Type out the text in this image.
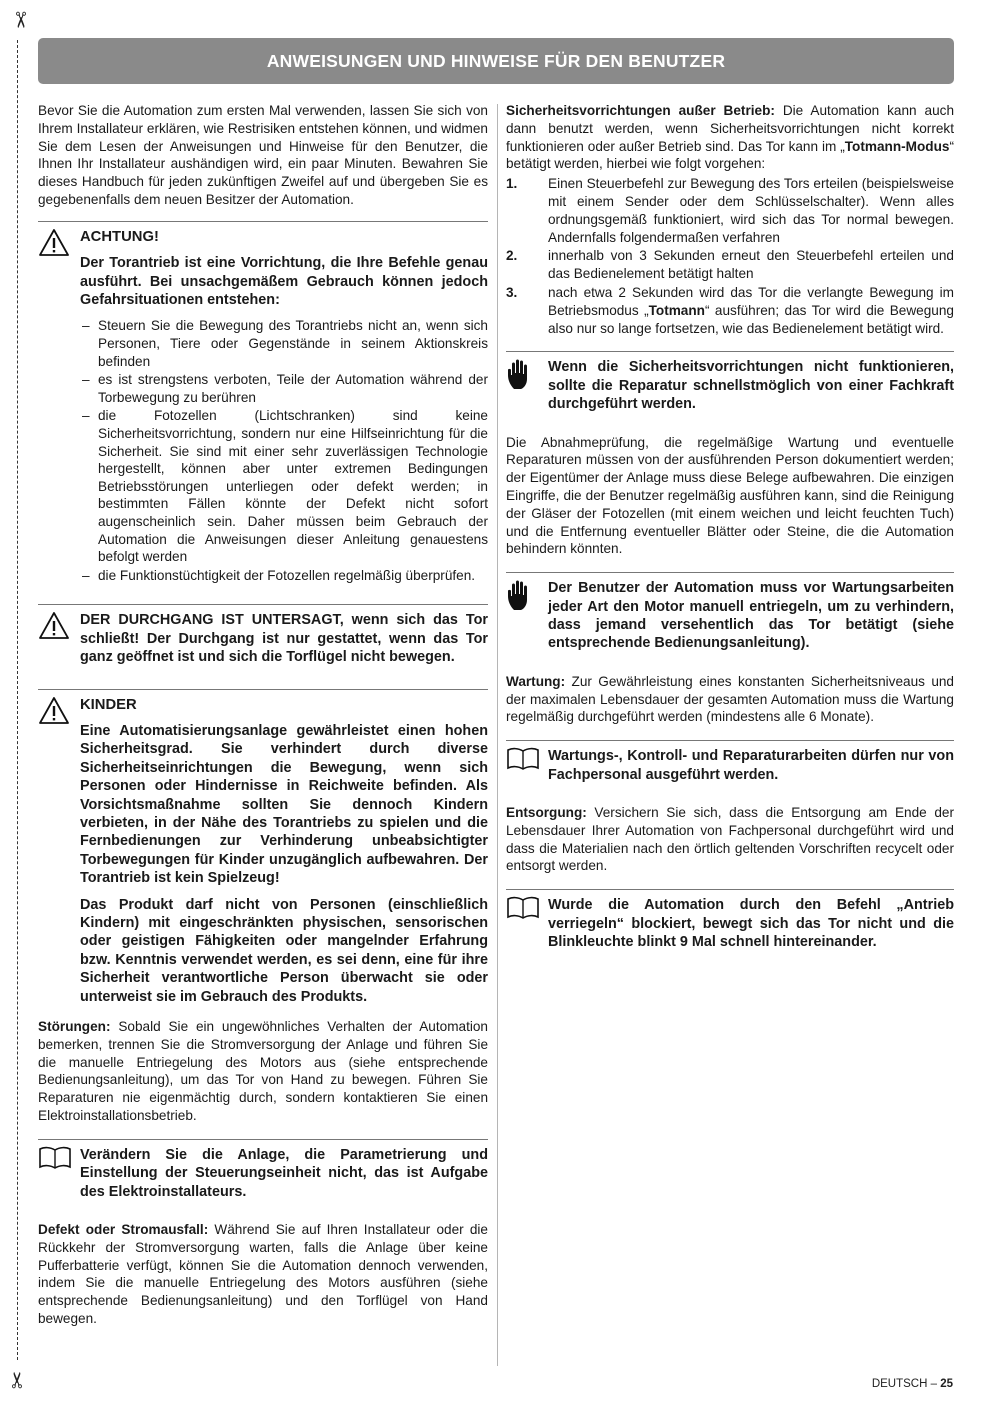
✂
✂
ANWEISUNGEN UND HINWEISE FÜR DEN BENUTZER

Bevor Sie die Automation zum ersten Mal verwenden, lassen Sie sich von Ihrem Installateur erklären, wie Restrisiken entstehen können, und widmen Sie dem Lesen der Anweisungen und Hinweise für den Benutzer, die Ihnen Ihr Installateur aushändigen wird, ein paar Minuten. Bewahren Sie dieses Handbuch für jeden zukünftigen Zweifel auf und übergeben Sie es gegebenenfalls dem neuen Besitzer der Automation.

ACHTUNG!

Der Torantrieb ist eine Vorrichtung, die Ihre Befehle genau ausführt. Bei unsachgemäßem Gebrauch können jedoch Gefahrsituationen entstehen:

– Steuern Sie die Bewegung des Torantriebs nicht an, wenn sich Personen, Tiere oder Gegenstände in seinem Aktionskreis befinden
– es ist strengstens verboten, Teile der Automation während der Torbewegung zu berühren
– die Fotozellen (Lichtschranken) sind keine Sicherheitsvorrichtung, sondern nur eine Hilfseinrichtung für die Sicherheit. Sie sind mit einer sehr zuverlässigen Technologie hergestellt, können aber unter extremen Bedingungen Betriebsstörungen unterliegen oder defekt werden; in bestimmten Fällen könnte der Defekt nicht sofort augenscheinlich sein. Daher müssen beim Gebrauch der Automation die Anweisungen dieser Anleitung genauestens befolgt werden
– die Funktionstüchtigkeit der Fotozellen regelmäßig überprüfen.

DER DURCHGANG IST UNTERSAGT, wenn sich das Tor schließt! Der Durchgang ist nur gestattet, wenn das Tor ganz geöffnet ist und sich die Torflügel nicht bewegen.

KINDER

Eine Automatisierungsanlage gewährleistet einen hohen Sicherheitsgrad. Sie verhindert durch diverse Sicherheitseinrichtungen die Bewegung, wenn sich Personen oder Hindernisse in Reichweite befinden. Als Vorsichtsmaßnahme sollten Sie dennoch Kindern verbieten, in der Nähe des Torantriebs zu spielen und die Fernbedienungen zur Verhinderung unbeabsichtigter Torbewegungen für Kinder unzugänglich aufbewahren. Der Torantrieb ist kein Spielzeug!

Das Produkt darf nicht von Personen (einschließlich Kindern) mit eingeschränkten physischen, sensorischen oder geistigen Fähigkeiten oder mangelnder Erfahrung bzw. Kenntnis verwendet werden, es sei denn, eine für ihre Sicherheit verantwortliche Person überwacht sie oder unterweist sie im Gebrauch des Produkts.

Störungen: Sobald Sie ein ungewöhnliches Verhalten der Automation bemerken, trennen Sie die Stromversorgung der Anlage und führen Sie die manuelle Entriegelung des Motors aus (siehe entsprechende Bedienungsanleitung), um das Tor von Hand zu bewegen. Führen Sie Reparaturen nie eigenmächtig durch, sondern kontaktieren Sie einen Elektroinstallationsbetrieb.

Verändern Sie die Anlage, die Parametrierung und Einstellung der Steuerungseinheit nicht, das ist Aufgabe des Elektroinstallateurs.

Defekt oder Stromausfall: Während Sie auf Ihren Installateur oder die Rückkehr der Stromversorgung warten, falls die Anlage über keine Pufferbatterie verfügt, können Sie die Automation dennoch verwenden, indem Sie die manuelle Entriegelung des Motors ausführen (siehe entsprechende Bedienungsanleitung) und den Torflügel von Hand bewegen.

Sicherheitsvorrichtungen außer Betrieb: Die Automation kann auch dann benutzt werden, wenn Sicherheitsvorrichtungen nicht korrekt funktionieren oder außer Betrieb sind. Das Tor kann im „Totmann-Modus“ betätigt werden, hierbei wie folgt vorgehen:

1.	Einen Steuerbefehl zur Bewegung des Tors erteilen (beispielsweise mit einem Sender oder dem Schlüsselschalter). Wenn alles ordnungsgemäß funktioniert, wird sich das Tor normal bewegen. Andernfalls folgendermaßen verfahren
2.	innerhalb von 3 Sekunden erneut den Steuerbefehl erteilen und das Bedienelement betätigt halten
3.	nach etwa 2 Sekunden wird das Tor die verlangte Bewegung im Betriebsmodus „Totmann“ ausführen; das Tor wird die Bewegung also nur so lange fortsetzen, wie das Bedienelement betätigt wird.

Wenn die Sicherheitsvorrichtungen nicht funktionieren, sollte die Reparatur schnellstmöglich von einer Fachkraft durchgeführt werden.

Die Abnahmeprüfung, die regelmäßige Wartung und eventuelle Reparaturen müssen von der ausführenden Person dokumentiert werden; der Eigentümer der Anlage muss diese Belege aufbewahren. Die einzigen Eingriffe, die der Benutzer regelmäßig ausführen kann, sind die Reinigung der Gläser der Fotozellen (mit einem weichen und leicht feuchten Tuch) und die Entfernung eventueller Blätter oder Steine, die die Automation behindern könnten.

Der Benutzer der Automation muss vor Wartungsarbeiten jeder Art den Motor manuell entriegeln, um zu verhindern, dass jemand versehentlich das Tor betätigt (siehe entsprechende Bedienungsanleitung).

Wartung: Zur Gewährleistung eines konstanten Sicherheitsniveaus und der maximalen Lebensdauer der gesamten Automation muss die Wartung regelmäßig durchgeführt werden (mindestens alle 6 Monate).

Wartungs-, Kontroll- und Reparaturarbeiten dürfen nur von Fachpersonal ausgeführt werden.

Entsorgung: Versichern Sie sich, dass die Entsorgung am Ende der Lebensdauer Ihrer Automation von Fachpersonal durchgeführt wird und dass die Materialien nach den örtlich geltenden Vorschriften recycelt oder entsorgt werden.

Wurde die Automation durch den Befehl „Antrieb verriegeln“ blockiert, bewegt sich das Tor nicht und die Blinkleuchte blinkt 9 Mal schnell hintereinander.

DEUTSCH – 25
